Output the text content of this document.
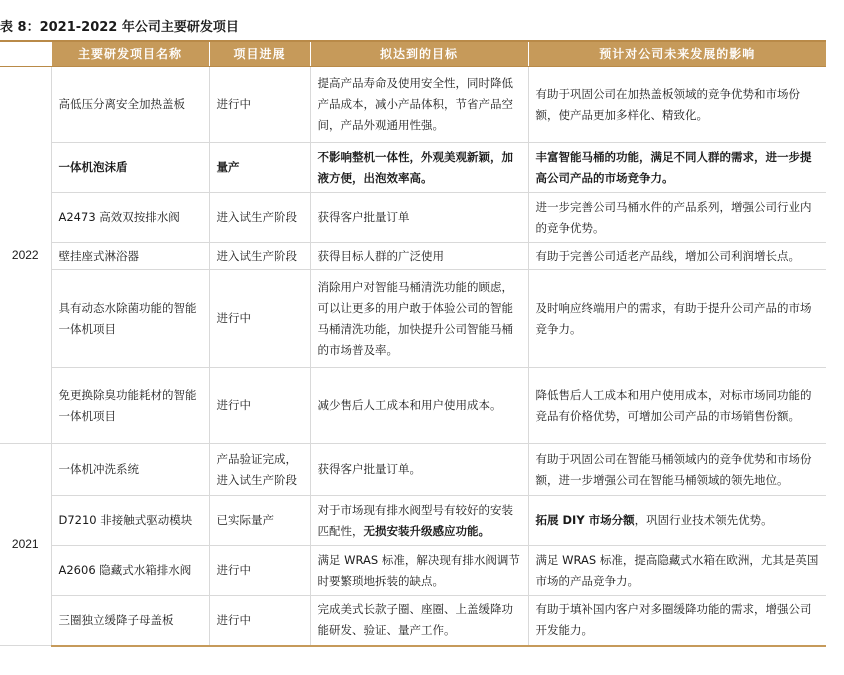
表 8：2021-2022 年公司主要研发项目
	主要研发项目名称	项目进展	拟达到的目标	预计对公司未来发展的影响
2022	高低压分离安全加热盖板	进行中	提高产品寿命及使用安全性，同时降低产品成本，减小产品体积，节省产品空间，产品外观通用性强。	有助于巩固公司在加热盖板领域的竞争优势和市场份额，使产品更加多样化、精致化。
	一体机泡沫盾	量产	不影响整机一体性，外观美观新颖，加液方便，出泡效率高。	丰富智能马桶的功能，满足不同人群的需求，进一步提高公司产品的市场竞争力。
	A2473 高效双按排水阀	进入试生产阶段	获得客户批量订单	进一步完善公司马桶水件的产品系列，增强公司行业内的竞争优势。
	壁挂座式淋浴器	进入试生产阶段	获得目标人群的广泛使用	有助于完善公司适老产品线，增加公司利润增长点。
	具有动态水除菌功能的智能一体机项目	进行中	消除用户对智能马桶清洗功能的顾虑，可以让更多的用户敢于体验公司的智能马桶清洗功能，加快提升公司智能马桶的市场普及率。	及时响应终端用户的需求，有助于提升公司产品的市场竞争力。
	免更换除臭功能耗材的智能一体机项目	进行中	减少售后人工成本和用户使用成本。	降低售后人工成本和用户使用成本，对标市场同功能的竞品有价格优势，可增加公司产品的市场销售份额。
2021	一体机冲洗系统	产品验证完成，进入试生产阶段	获得客户批量订单。	有助于巩固公司在智能马桶领域内的竞争优势和市场份额，进一步增强公司在智能马桶领域的领先地位。
	D7210 非接触式驱动模块	已实际量产	对于市场现有排水阀型号有较好的安装匹配性，无损安装升级感应功能。	拓展 DIY 市场分额，巩固行业技术领先优势。
	A2606 隐藏式水箱排水阀	进行中	满足 WRAS 标准，解决现有排水阀调节时要繁琐地拆装的缺点。	满足 WRAS 标准，提高隐藏式水箱在欧洲，尤其是英国市场的产品竞争力。
	三圈独立缓降子母盖板	进行中	完成美式长款子圈、座圈、上盖缓降功能研发、验证、量产工作。	有助于填补国内客户对多圈缓降功能的需求，增强公司开发能力。
